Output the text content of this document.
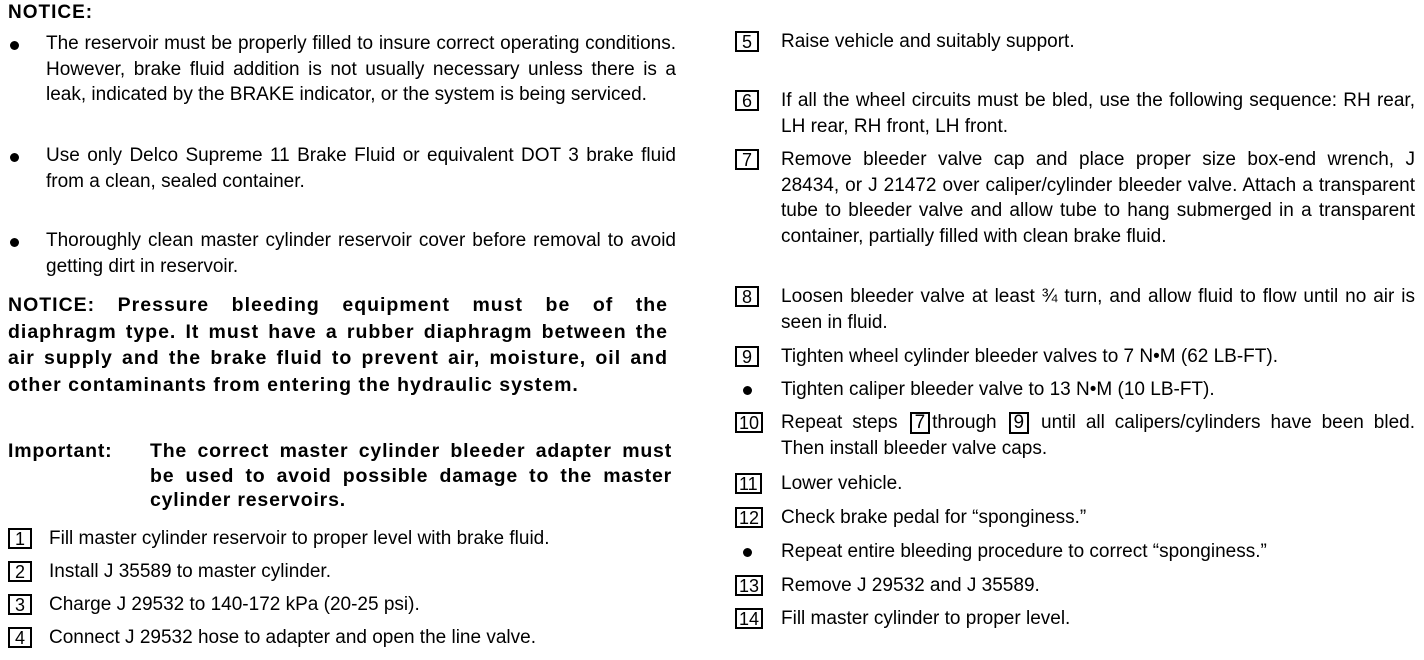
NOTICE:
The reservoir must be properly filled to insure correct operating conditions. However, brake fluid addition is not usually necessary unless there is a leak, indicated by the BRAKE indicator, or the system is being serviced.
Use only Delco Supreme 11 Brake Fluid or equivalent DOT 3 brake fluid from a clean, sealed container.
Thoroughly clean master cylinder reservoir cover before removal to avoid getting dirt in reservoir.
NOTICE: Pressure bleeding equipment must be of the diaphragm type. It must have a rubber diaphragm between the air supply and the brake fluid to prevent air, moisture, oil and other contaminants from entering the hydraulic system.
Important: The correct master cylinder bleeder adapter must be used to avoid possible damage to the master cylinder reservoirs.
1	Fill master cylinder reservoir to proper level with brake fluid.
2	Install J 35589 to master cylinder.
3	Charge J 29532 to 140-172 kPa (20-25 psi).
4	Connect J 29532 hose to adapter and open the line valve.
5	Raise vehicle and suitably support.
6	If all the wheel circuits must be bled, use the following sequence: RH rear, LH rear, RH front, LH front.
7	Remove bleeder valve cap and place proper size box-end wrench, J 28434, or J 21472 over caliper/cylinder bleeder valve. Attach a transparent tube to bleeder valve and allow tube to hang submerged in a transparent container, partially filled with clean brake fluid.
8	Loosen bleeder valve at least ¾ turn, and allow fluid to flow until no air is seen in fluid.
9	Tighten wheel cylinder bleeder valves to 7 N•M (62 LB-FT).
Tighten caliper bleeder valve to 13 N•M (10 LB-FT).
10 Repeat steps 7 through 9 until all calipers/cylinders have been bled. Then install bleeder valve caps.
11 Lower vehicle.
12 Check brake pedal for “sponginess.”
Repeat entire bleeding procedure to correct “sponginess.”
13 Remove J 29532 and J 35589.
14 Fill master cylinder to proper level.
